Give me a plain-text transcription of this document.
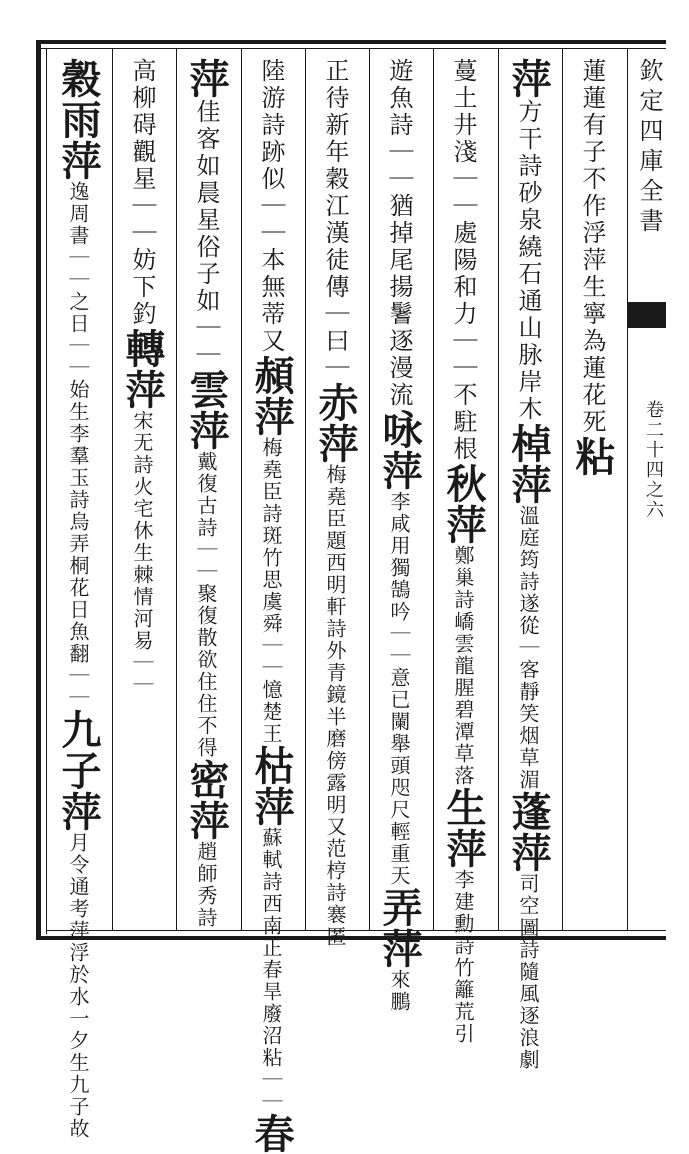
欽定四庫全書
卷二十四之六
蓮蓮有子不作浮萍生寧為蓮花死粘
萍方干詩砂泉繞石通山脉岸木棹萍溫庭筠詩遂從｜客靜笑烟草湄蓬萍司空圖詩隨風逐浪劇
蔓土井淺｜｜處陽和力｜｜不駐根秋萍鄭巢詩嶠雲龍腥碧潭草落生萍李建勳詩竹籬荒引
遊魚詩｜｜猶掉尾揚鬐逐漫流咏萍李咸用獨鵠吟｜｜意已闌舉頭咫尺輕重天弄萍來鵬
正待新年穀江漢徒傳｜曰｜赤萍梅堯臣題西明軒詩外青鏡半磨傍露明又范梈詩褰匿
陸游詩跡似｜｜本無蒂又頳萍梅堯臣詩斑竹思虞舜｜｜憶楚王枯萍蘇軾詩西南正春旱廢沼粘｜｜春
萍佳客如晨星俗子如｜｜雲萍戴復古詩｜｜聚復散欲住住不得密萍趙師秀詩
高柳碍觀星｜｜妨下釣轉萍宋无詩火宅休生棘情河易｜｜
穀雨萍逸周書｜｜之日｜｜始生李羣玉詩烏弄桐花日魚翻｜｜九子萍月令通考萍浮於水一夕生九子故
